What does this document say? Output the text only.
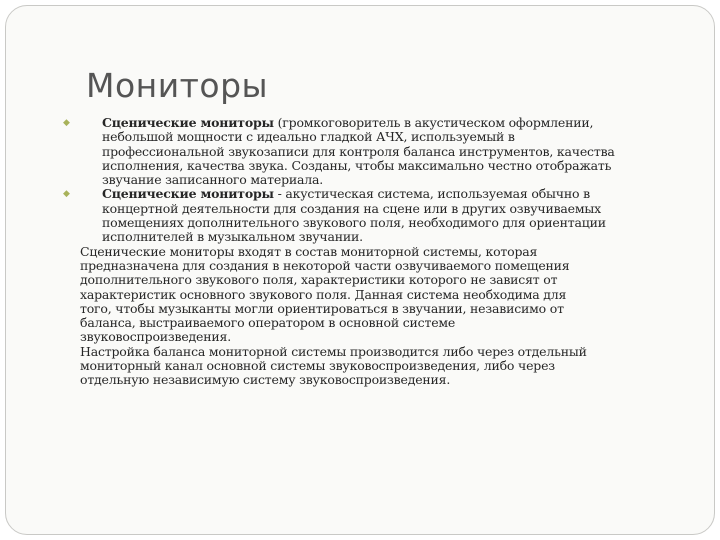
Мониторы
◆	Сценические мониторы (громкоговоритель в акустическом оформлении,
небольшой мощности с идеально гладкой АЧХ, используемый в
профессиональной звукозаписи для контроля баланса инструментов, качества
исполнения, качества звука. Созданы, чтобы максимально честно отображать
звучание записанного материала.
◆	Сценические мониторы - акустическая система, используемая обычно в
концертной деятельности для создания на сцене или в других озвучиваемых
помещениях дополнительного звукового поля, необходимого для ориентации
исполнителей в музыкальном звучании.
Сценические мониторы входят в состав мониторной системы, которая
предназначена для создания в некоторой части озвучиваемого помещения
дополнительного звукового поля, характеристики которого не зависят от
характеристик основного звукового поля. Данная система необходима для
того, чтобы музыканты могли ориентироваться в звучании, независимо от
баланса, выстраиваемого оператором в основной системе
звуковоспроизведения.
Настройка баланса мониторной системы производится либо через отдельный
мониторный канал основной системы звуковоспроизведения, либо через
отдельную независимую систему звуковоспроизведения.
